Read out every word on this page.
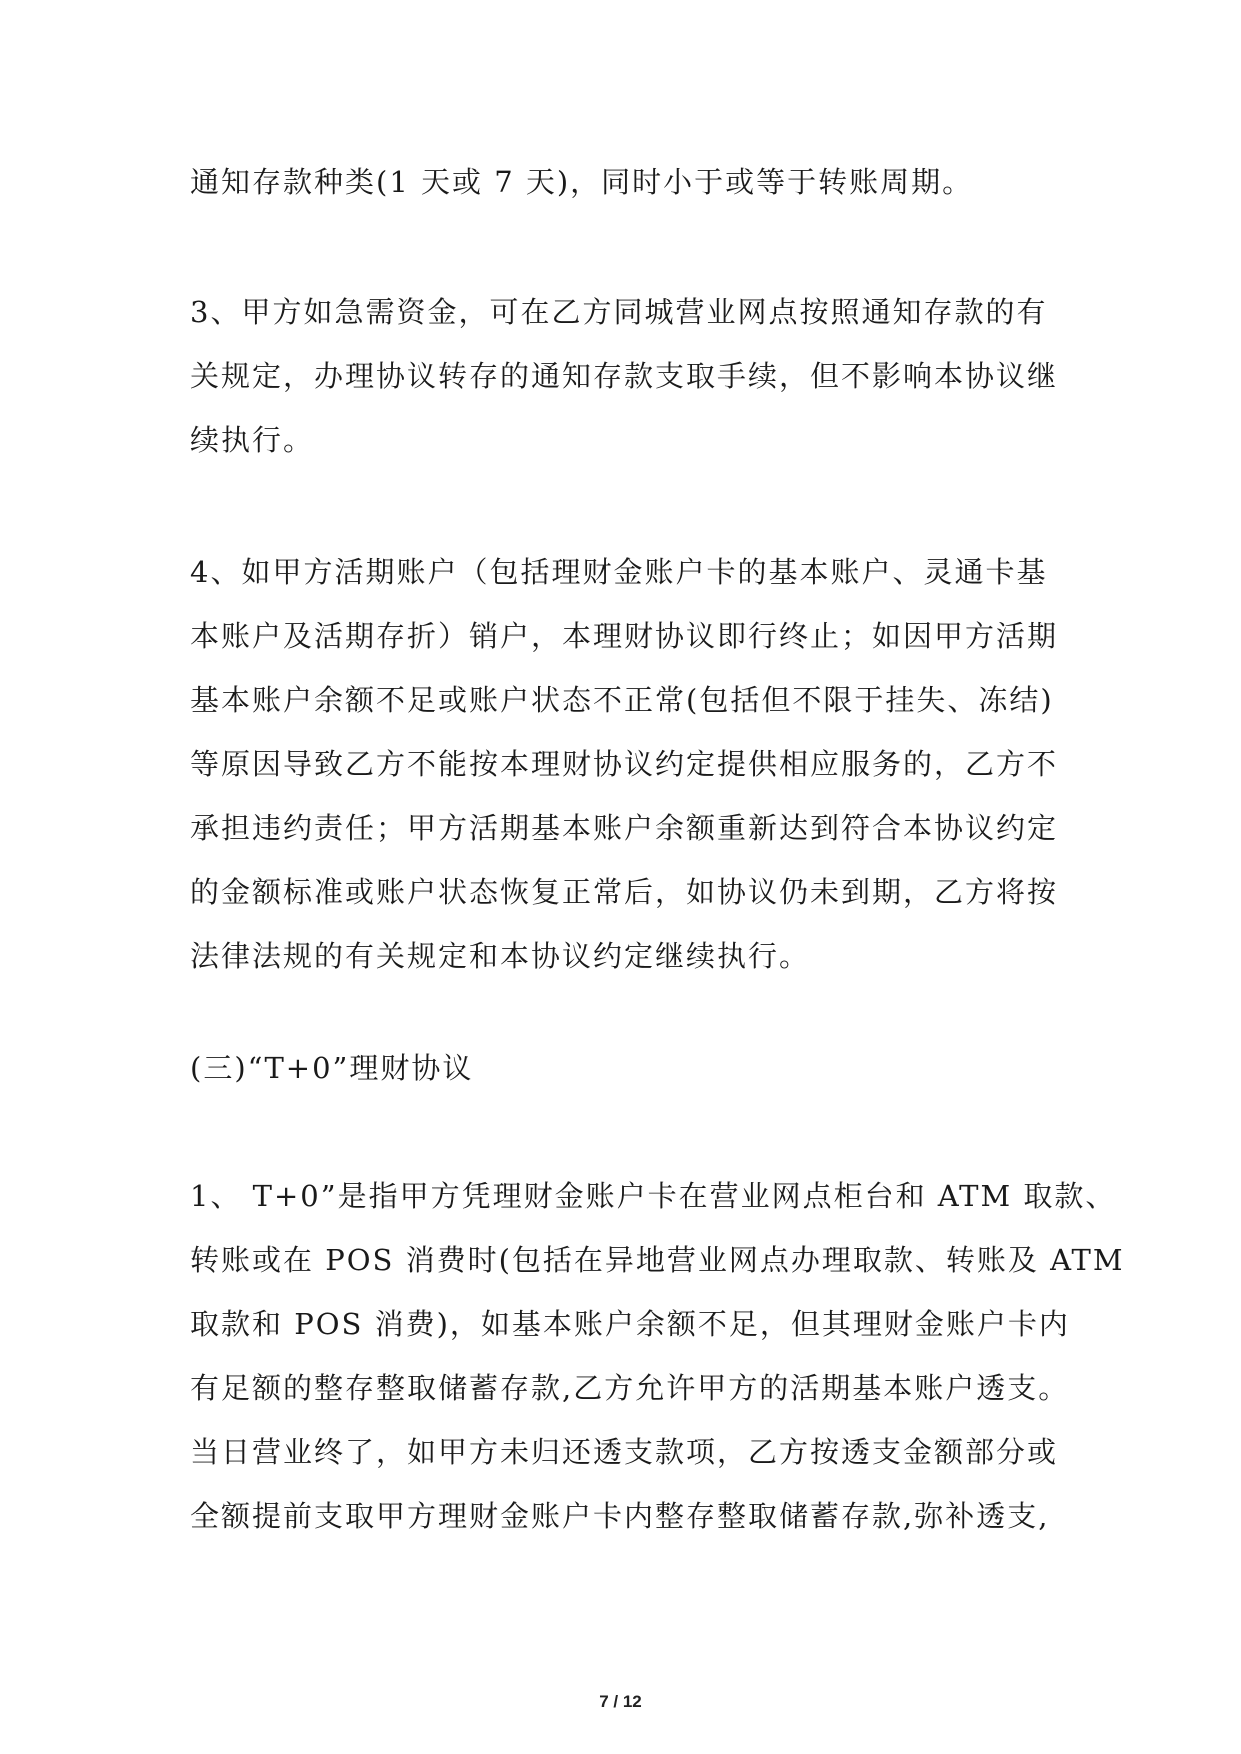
通知存款种类(1 天或 7 天)，同时小于或等于转账周期。

3、甲方如急需资金，可在乙方同城营业网点按照通知存款的有
关规定，办理协议转存的通知存款支取手续，但不影响本协议继
续执行。

4、如甲方活期账户（包括理财金账户卡的基本账户、灵通卡基
本账户及活期存折）销户，本理财协议即行终止；如因甲方活期
基本账户余额不足或账户状态不正常(包括但不限于挂失、冻结)
等原因导致乙方不能按本理财协议约定提供相应服务的，乙方不
承担违约责任；甲方活期基本账户余额重新达到符合本协议约定
的金额标准或账户状态恢复正常后，如协议仍未到期，乙方将按
法律法规的有关规定和本协议约定继续执行。

(三)“T+0”理财协议

1、 T+0”是指甲方凭理财金账户卡在营业网点柜台和 ATM 取款、
转账或在 POS 消费时(包括在异地营业网点办理取款、转账及 ATM
取款和 POS 消费)，如基本账户余额不足，但其理财金账户卡内
有足额的整存整取储蓄存款,乙方允许甲方的活期基本账户透支。
当日营业终了，如甲方未归还透支款项，乙方按透支金额部分或
全额提前支取甲方理财金账户卡内整存整取储蓄存款,弥补透支,

7 / 12
